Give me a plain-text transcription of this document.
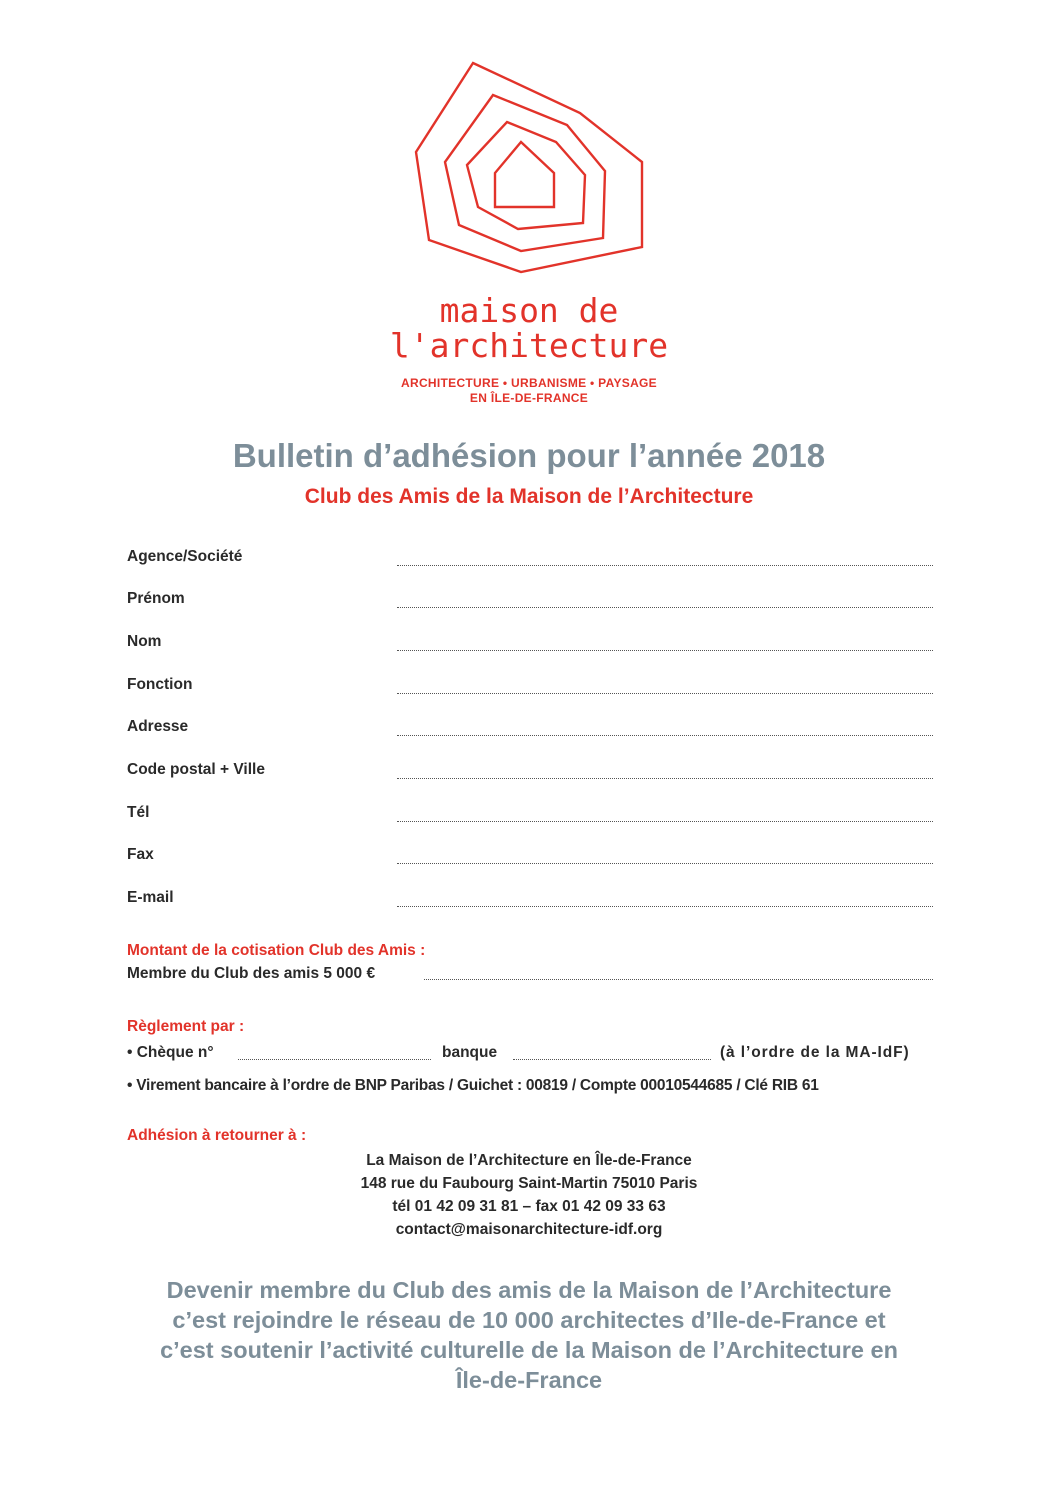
maison de
l'architecture
ARCHITECTURE • URBANISME • PAYSAGE
EN ÎLE-DE-FRANCE
Bulletin d’adhésion pour l’année 2018
Club des Amis de la Maison de l’Architecture
Agence/Société
Prénom
Nom
Fonction
Adresse
Code postal + Ville
Tél
Fax
E-mail
Montant de la cotisation Club des Amis :
Membre du Club des amis 5 000 €
Règlement par :
• Chèque n°	banque	(à l’ordre de la MA-IdF)
• Virement bancaire à l’ordre de BNP Paribas / Guichet : 00819 / Compte 00010544685 / Clé RIB 61
Adhésion à retourner à :
La Maison de l’Architecture en Île-de-France
148 rue du Faubourg Saint-Martin 75010 Paris
tél 01 42 09 31 81 – fax 01 42 09 33 63
contact@maisonarchitecture-idf.org
Devenir membre du Club des amis de la Maison de l’Architecture
c’est rejoindre le réseau de 10 000 architectes d’Ile-de-France et
c’est soutenir l’activité culturelle de la Maison de l’Architecture en
Île-de-France
